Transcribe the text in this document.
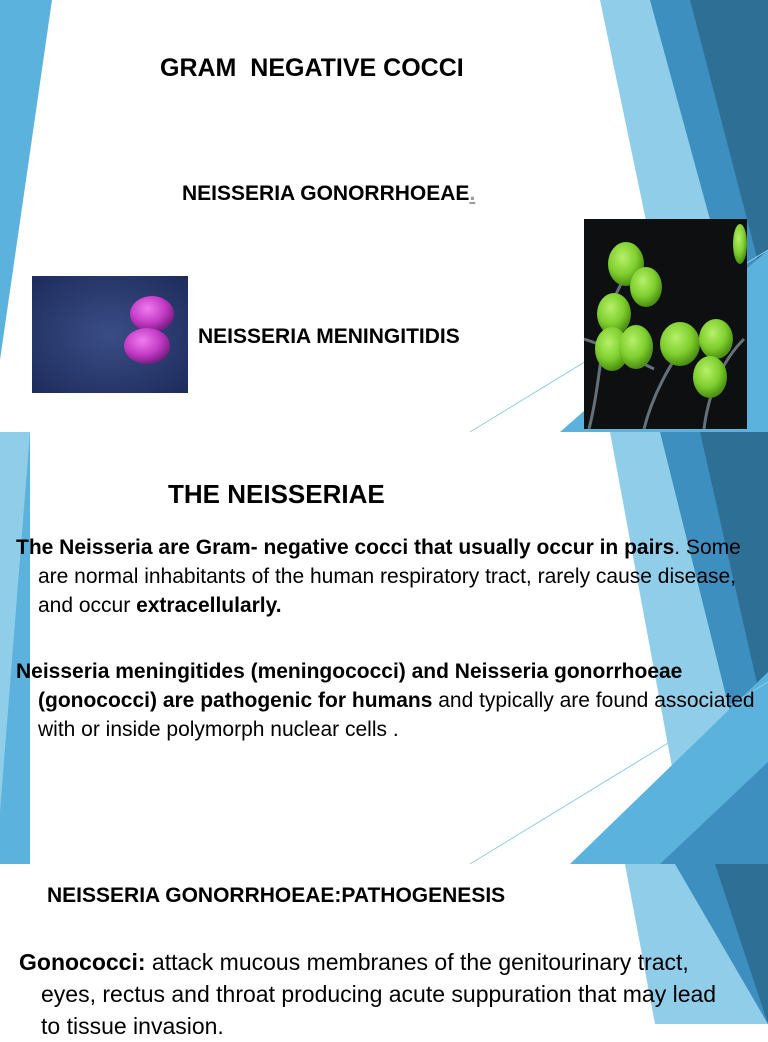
GRAM  NEGATIVE COCCI
NEISSERIA GONORRHOEAE.
NEISSERIA MENINGITIDIS
THE NEISSERIAE

The Neisseria are Gram- negative cocci that usually occur in pairs. Some are normal inhabitants of the human respiratory tract, rarely cause disease, and occur extracellularly.

Neisseria meningitides (meningococci) and Neisseria gonorrhoeae (gonococci) are pathogenic for humans and typically are found associated with or inside polymorph nuclear cells .

NEISSERIA GONORRHOEAE:PATHOGENESIS

Gonococci: attack mucous membranes of the genitourinary tract, eyes, rectus and throat producing acute suppuration that may lead to tissue invasion.
